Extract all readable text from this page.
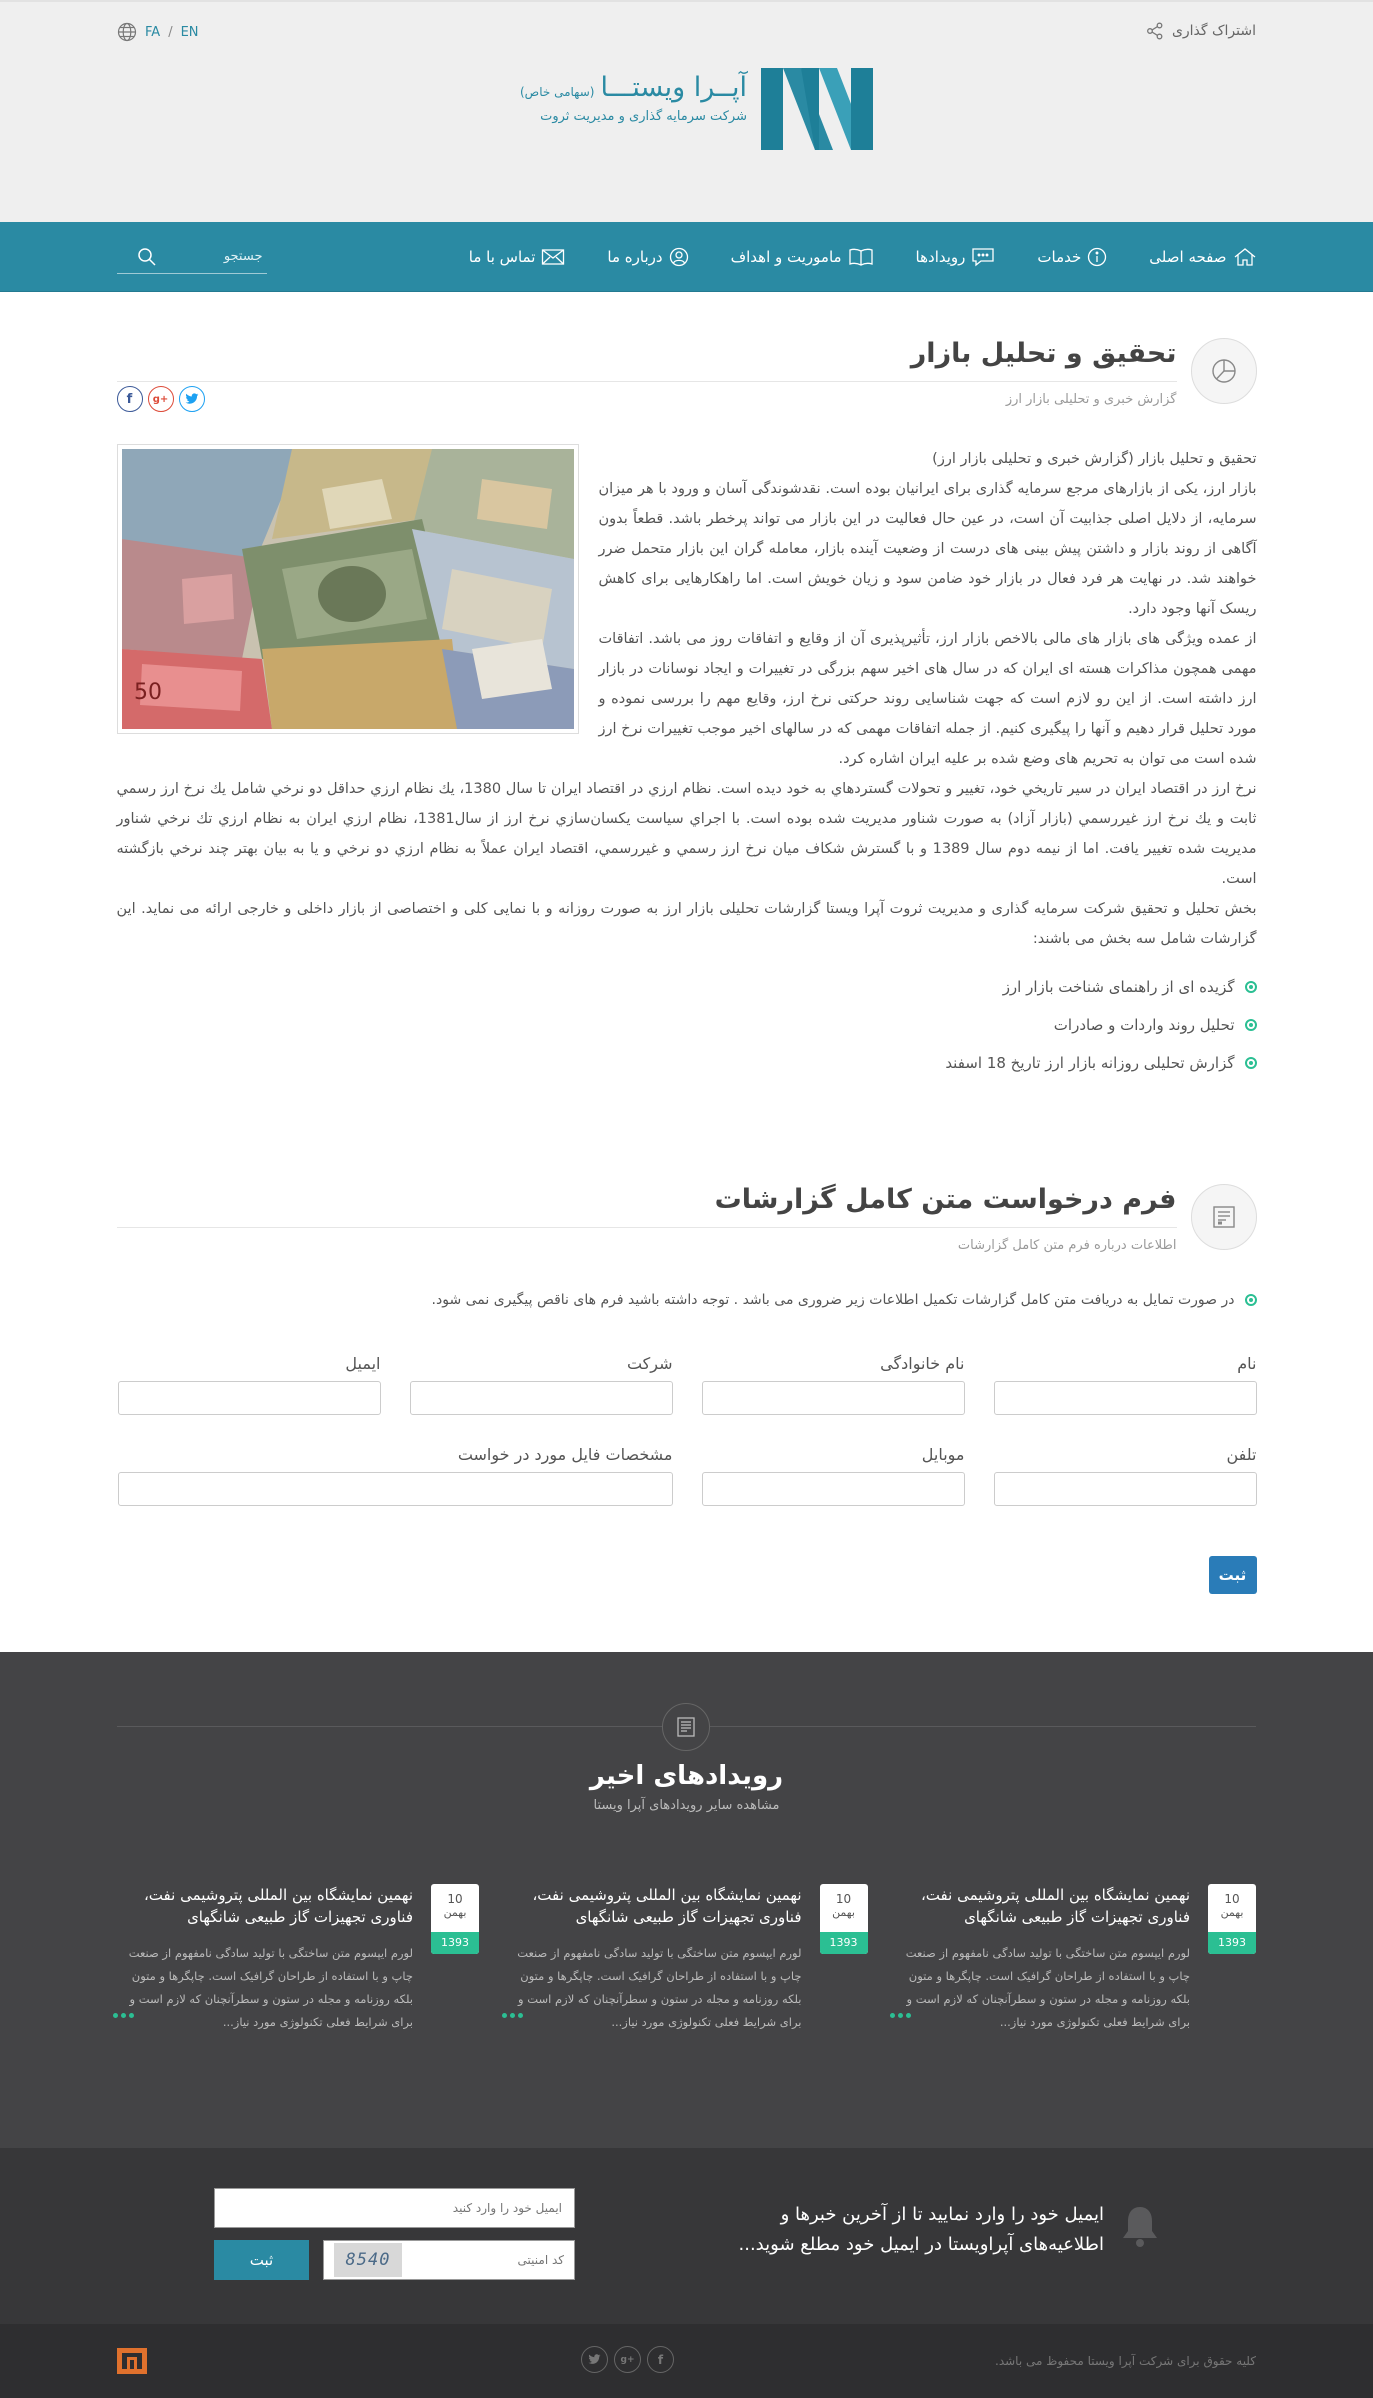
اشتراک گذاری
FA / EN
آپــرا ویستـــا(سهامی خاص)
شرکت سرمایه گذاری و مدیریت ثروت
صفحه اصلی
خدمات
رویدادها
ماموریت و اهداف
درباره ما
تماس با ما
جستجو
تحقیق و تحلیل بازار
گزارش خبری و تحلیلی بازار ارز
f	g+
50

تحقیق و تحلیل بازار (گزارش خبری و تحلیلی بازار ارز)

بازار ارز، یکی از بازارهای مرجع سرمایه گذاری برای ایرانیان بوده است. نقدشوندگی آسان و ورود با هر میزان سرمایه، از دلایل اصلی جذابیت آن است، در عین حال فعالیت در این بازار می تواند پرخطر باشد. قطعاً بدون آگاهی از روند بازار و داشتن پیش بینی های درست از وضعیت آینده بازار، معامله گران این بازار متحمل ضرر خواهند شد. در نهایت هر فرد فعال در بازار خود ضامن سود و زیان خویش است. اما راهکارهایی برای کاهش ریسک آنها وجود دارد.

از عمده ویژگی های بازار های مالی بالاخص بازار ارز، تأثیرپذیری آن از وقایع و اتفاقات روز می باشد. اتفاقات مهمی همچون مذاکرات هسته ای ایران که در سال های اخیر سهم بزرگی در تغییرات و ایجاد نوسانات در بازار ارز داشته است. از این رو لازم است که جهت شناسایی روند حرکتی نرخ ارز، وقایع مهم را بررسی نموده و مورد تحلیل قرار دهیم و آنها را پیگیری کنیم. از جمله اتفاقات مهمی که در سالهای اخیر موجب تغییرات نرخ ارز شده است می توان به تحریم های وضع شده بر علیه ایران اشاره کرد.

نرخ ارز در اقتصاد ايران در سير تاريخي خود، تغيير و تحولات گستردهاي به خود ديده است. نظام ارزي در اقتصاد ايران تا سال 1380، يك نظام ارزي حداقل دو نرخي شامل يك نرخ ارز رسمي ثابت و يك نرخ ارز غيررسمي (بازار آزاد) به صورت شناور مديريت شده بوده است. با اجراي سياست يكسان‌سازي نرخ ارز از سال1381، نظام ارزي ايران به نظام ارزي تك نرخي شناور مديريت شده تغيير يافت. اما از نيمه دوم سال 1389 و با گسترش شكاف ميان نرخ ارز رسمي و غيررسمي، اقتصاد ايران عملاً به نظام ارزي دو نرخي و يا به بيان بهتر چند نرخي بازگشته است.

بخش تحلیل و تحقیق شرکت سرمایه گذاری و مدیریت ثروت آپرا ویستا گزارشات تحلیلی بازار ارز به صورت روزانه و با نمایی کلی و اختصاصی از بازار داخلی و خارجی ارائه می نماید. این گزارشات شامل سه بخش می باشند:

گزیده ای از راهنمای شناخت بازار ارز
تحلیل روند واردات و صادرات
گزارش تحلیلی روزانه بازار ارز تاریخ 18 اسفند
فرم درخواست متن کامل گزارشات
اطلاعات درباره فرم متن کامل گزارشات
در صورت تمایل به دریافت متن کامل گزارشات تکمیل اطلاعات زیر ضروری می باشد . توجه داشته باشید فرم های ناقص پیگیری نمی شود.
نام
نام خانوادگی
شرکت
ایمیل
تلفن
موبایل
مشخصات فایل مورد در خواست
ثبت
رویدادهای اخیر
مشاهده سایر رویدادهای آپرا ویستا
10
بهمن
1393
نهمین نمایشگاه بین المللی پتروشیمی نفت، فناوری تجهیزات گاز طبیعی شانگهای

لورم ایپسوم متن ساختگی با تولید سادگی نامفهوم از صنعت چاپ و با استفاده از طراحان گرافیک است. چاپگرها و متون بلکه روزنامه و مجله در ستون و سطرآنچنان که لازم است و برای شرایط فعلی تکنولوژی مورد نیاز...

10
بهمن
1393
نهمین نمایشگاه بین المللی پتروشیمی نفت، فناوری تجهیزات گاز طبیعی شانگهای

لورم ایپسوم متن ساختگی با تولید سادگی نامفهوم از صنعت چاپ و با استفاده از طراحان گرافیک است. چاپگرها و متون بلکه روزنامه و مجله در ستون و سطرآنچنان که لازم است و برای شرایط فعلی تکنولوژی مورد نیاز...

10
بهمن
1393
نهمین نمایشگاه بین المللی پتروشیمی نفت، فناوری تجهیزات گاز طبیعی شانگهای

لورم ایپسوم متن ساختگی با تولید سادگی نامفهوم از صنعت چاپ و با استفاده از طراحان گرافیک است. چاپگرها و متون بلکه روزنامه و مجله در ستون و سطرآنچنان که لازم است و برای شرایط فعلی تکنولوژی مورد نیاز...

ایمیل خود را وارد نمایید تا از آخرین خبرها و
اطلاعیه‌های آپراویستا در ایمیل خود مطلع شوید...
ایمیل خود را وارد کنید
کد امنیتی
8540
ثبت
کلیه حقوق برای شرکت آپرا ویستا محفوظ می باشد.
g+	f
